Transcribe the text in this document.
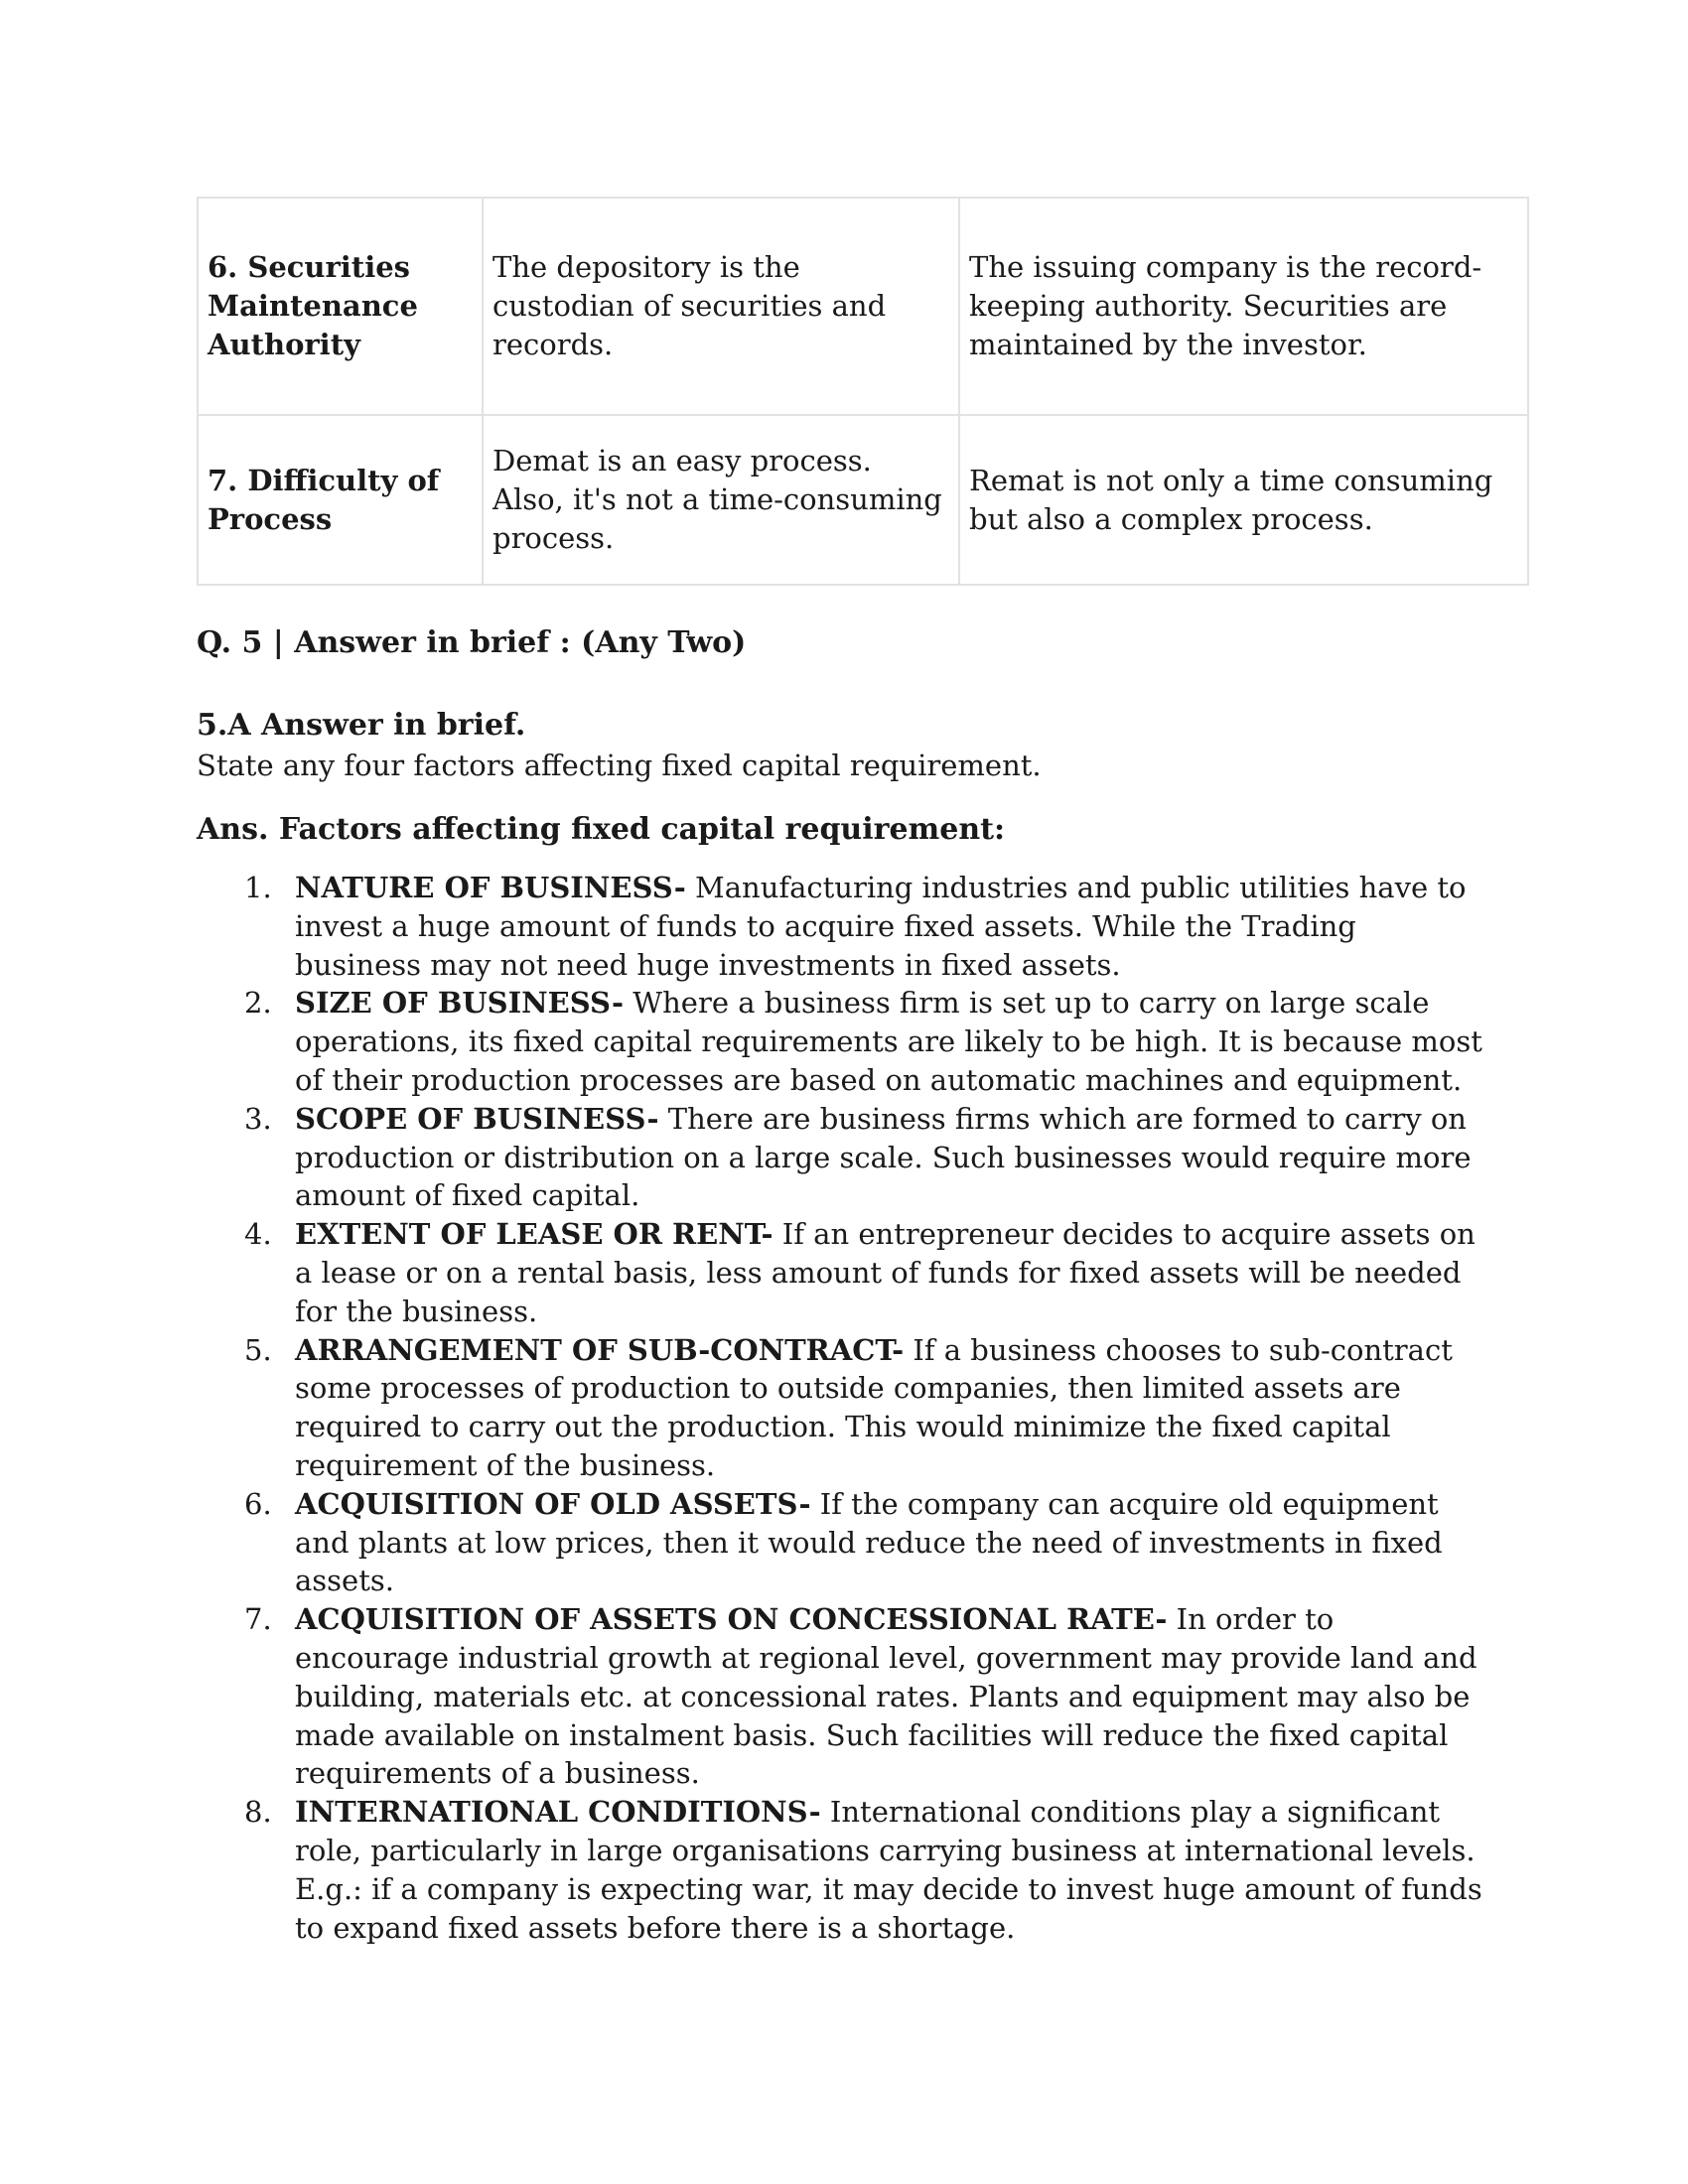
6. Securities Maintenance Authority	The depository is the custodian of securities and records.	The issuing company is the record-keeping authority. Securities are maintained by the investor.
7. Difficulty of Process	Demat is an easy process. Also, it's not a time-consuming process.	Remat is not only a time consuming but also a complex process.
Q. 5 | Answer in brief : (Any Two)
5.A Answer in brief.
State any four factors affecting fixed capital requirement.
Ans. Factors affecting fixed capital requirement:
1. NATURE OF BUSINESS- Manufacturing industries and public utilities have to invest a huge amount of funds to acquire fixed assets. While the Trading business may not need huge investments in fixed assets.
2. SIZE OF BUSINESS- Where a business firm is set up to carry on large scale operations, its fixed capital requirements are likely to be high. It is because most of their production processes are based on automatic machines and equipment.
3. SCOPE OF BUSINESS- There are business firms which are formed to carry on production or distribution on a large scale. Such businesses would require more amount of fixed capital.
4. EXTENT OF LEASE OR RENT- If an entrepreneur decides to acquire assets on a lease or on a rental basis, less amount of funds for fixed assets will be needed for the business.
5. ARRANGEMENT OF SUB-CONTRACT- If a business chooses to sub-contract some processes of production to outside companies, then limited assets are required to carry out the production. This would minimize the fixed capital requirement of the business.
6. ACQUISITION OF OLD ASSETS- If the company can acquire old equipment and plants at low prices, then it would reduce the need of investments in fixed assets.
7. ACQUISITION OF ASSETS ON CONCESSIONAL RATE- In order to encourage industrial growth at regional level, government may provide land and building, materials etc. at concessional rates. Plants and equipment may also be made available on instalment basis. Such facilities will reduce the fixed capital requirements of a business.
8. INTERNATIONAL CONDITIONS- International conditions play a significant role, particularly in large organisations carrying business at international levels. E.g.: if a company is expecting war, it may decide to invest huge amount of funds to expand fixed assets before there is a shortage.
